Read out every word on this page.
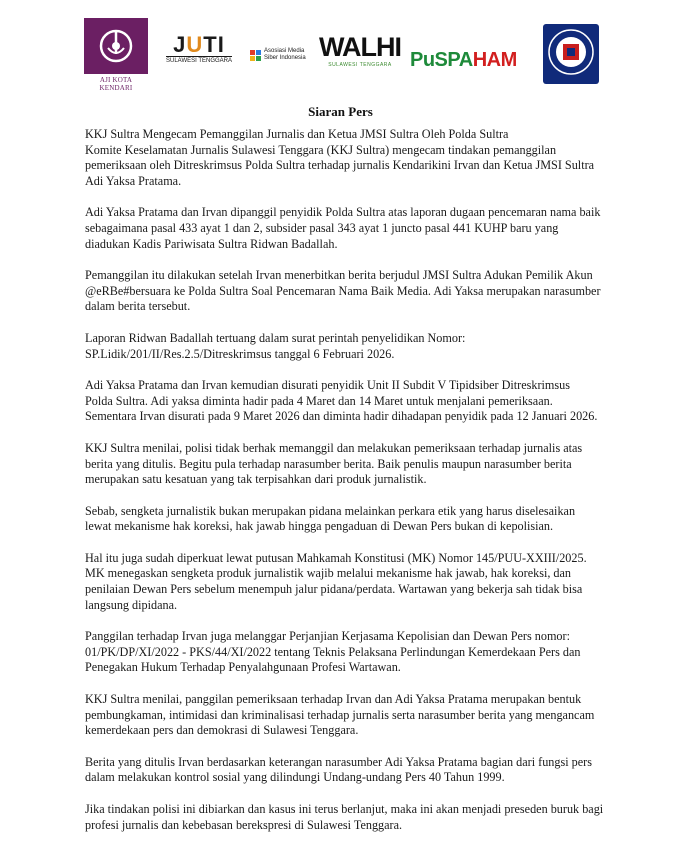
AJI KOTA KENDARI
JUTI
SULAWESI TENGGARA
Asosiasi Media Siber Indonesia WALHI
SULAWESI TENGGARA PuSPAHAM
Siaran Pers
KKJ Sultra Mengecam Pemanggilan Jurnalis dan Ketua JMSI Sultra Oleh Polda Sultra
Komite Keselamatan Jurnalis Sulawesi Tenggara (KKJ Sultra) mengecam tindakan pemanggilan
pemeriksaan oleh Ditreskrimsus Polda Sultra terhadap jurnalis Kendarikini Irvan dan Ketua JMSI Sultra
Adi Yaksa Pratama.
Adi Yaksa Pratama dan Irvan dipanggil penyidik Polda Sultra atas laporan dugaan pencemaran nama baik
sebagaimana pasal 433 ayat 1 dan 2, subsider pasal 343 ayat 1 juncto pasal 441 KUHP baru yang
diadukan Kadis Pariwisata Sultra Ridwan Badallah.
Pemanggilan itu dilakukan setelah Irvan menerbitkan berita berjudul JMSI Sultra Adukan Pemilik Akun
@eRBe#bersuara ke Polda Sultra Soal Pencemaran Nama Baik Media. Adi Yaksa merupakan narasumber
dalam berita tersebut.
Laporan Ridwan Badallah tertuang dalam surat perintah penyelidikan Nomor:
SP.Lidik/201/II/Res.2.5/Ditreskrimsus tanggal 6 Februari 2026.
Adi Yaksa Pratama dan Irvan kemudian disurati penyidik Unit II Subdit V Tipidsiber Ditreskrimsus
Polda Sultra. Adi yaksa diminta hadir pada 4 Maret dan 14 Maret untuk menjalani pemeriksaan.
Sementara Irvan disurati pada 9 Maret 2026 dan diminta hadir dihadapan penyidik pada 12 Januari 2026.
KKJ Sultra menilai, polisi tidak berhak memanggil dan melakukan pemeriksaan terhadap jurnalis atas
berita yang ditulis. Begitu pula terhadap narasumber berita. Baik penulis maupun narasumber berita
merupakan satu kesatuan yang tak terpisahkan dari produk jurnalistik.
Sebab, sengketa jurnalistik bukan merupakan pidana melainkan perkara etik yang harus diselesaikan
lewat mekanisme hak koreksi, hak jawab hingga pengaduan di Dewan Pers bukan di kepolisian.
Hal itu juga sudah diperkuat lewat putusan Mahkamah Konstitusi (MK) Nomor 145/PUU-XXIII/2025.
MK menegaskan sengketa produk jurnalistik wajib melalui mekanisme hak jawab, hak koreksi, dan
penilaian Dewan Pers sebelum menempuh jalur pidana/perdata. Wartawan yang bekerja sah tidak bisa
langsung dipidana.
Panggilan terhadap Irvan juga melanggar Perjanjian Kerjasama Kepolisian dan Dewan Pers nomor:
01/PK/DP/XI/2022 - PKS/44/XI/2022 tentang Teknis Pelaksana Perlindungan Kemerdekaan Pers dan
Penegakan Hukum Terhadap Penyalahgunaan Profesi Wartawan.
KKJ Sultra menilai, panggilan pemeriksaan terhadap Irvan dan Adi Yaksa Pratama merupakan bentuk
pembungkaman, intimidasi dan kriminalisasi terhadap jurnalis serta narasumber berita yang mengancam
kemerdekaan pers dan demokrasi di Sulawesi Tenggara.
Berita yang ditulis Irvan berdasarkan keterangan narasumber Adi Yaksa Pratama bagian dari fungsi pers
dalam melakukan kontrol sosial yang dilindungi Undang-undang Pers 40 Tahun 1999.
Jika tindakan polisi ini dibiarkan dan kasus ini terus berlanjut, maka ini akan menjadi preseden buruk bagi
profesi jurnalis dan kebebasan berekspresi di Sulawesi Tenggara.
